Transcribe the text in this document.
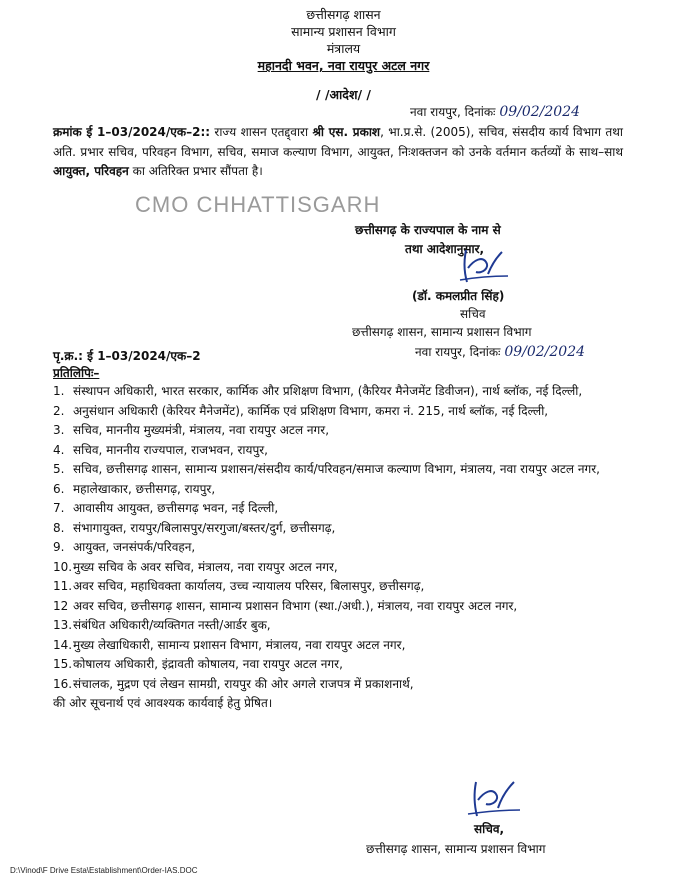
छत्तीसगढ़ शासन
सामान्य प्रशासन विभाग
मंत्रालय
महानदी भवन, नवा रायपुर अटल नगर
/ /आदेश/ /
नवा रायपुर, दिनांकः 09/02/2024
क्रमांक ई 1–03/2024/एक–2:: राज्य शासन एतद्द्वारा श्री एस. प्रकाश, भा.प्र.से. (2005), सचिव, संसदीय कार्य विभाग तथा अति. प्रभार सचिव, परिवहन विभाग, सचिव, समाज कल्याण विभाग, आयुक्त, निःशक्तजन को उनके वर्तमान कर्तव्यों के साथ–साथ आयुक्त, परिवहन का अतिरिक्त प्रभार सौंपता है।
CMO CHHATTISGARH
छत्तीसगढ़ के राज्यपाल के नाम से
तथा आदेशानुसार,
(डॉ. कमलप्रीत सिंह)
सचिव
छत्तीसगढ़ शासन, सामान्य प्रशासन विभाग
पृ.क्र.: ई 1–03/2024/एक–2	नवा रायपुर, दिनांकः 09/02/2024
प्रतिलिपिः–
1. संस्थापन अधिकारी, भारत सरकार, कार्मिक और प्रशिक्षण विभाग, (कैरियर मैनेजमेंट डिवीजन), नार्थ ब्लॉक, नई दिल्ली,
2. अनुसंधान अधिकारी (केरियर मैनेजमेंट), कार्मिक एवं प्रशिक्षण विभाग, कमरा नं. 215, नार्थ ब्लॉक, नई दिल्ली,
3. सचिव, माननीय मुख्यमंत्री, मंत्रालय, नवा रायपुर अटल नगर,
4. सचिव, माननीय राज्यपाल, राजभवन, रायपुर,
5. सचिव, छत्तीसगढ़ शासन, सामान्य प्रशासन/संसदीय कार्य/परिवहन/समाज कल्याण विभाग, मंत्रालय, नवा रायपुर अटल नगर,
6. महालेखाकार, छत्तीसगढ़, रायपुर,
7. आवासीय आयुक्त, छत्तीसगढ़ भवन, नई दिल्ली,
8. संभागायुक्त, रायपुर/बिलासपुर/सरगुजा/बस्तर/दुर्ग, छत्तीसगढ़,
9. आयुक्त, जनसंपर्क/परिवहन,
10.मुख्य सचिव के अवर सचिव, मंत्रालय, नवा रायपुर अटल नगर,
11.अवर सचिव, महाधिवक्ता कार्यालय, उच्च न्यायालय परिसर, बिलासपुर, छत्तीसगढ़,
12 अवर सचिव, छत्तीसगढ़ शासन, सामान्य प्रशासन विभाग (स्था./अधी.), मंत्रालय, नवा रायपुर अटल नगर,
13.संबंधित अधिकारी/व्यक्तिगत नस्ती/आर्डर बुक,
14.मुख्य लेखाधिकारी, सामान्य प्रशासन विभाग, मंत्रालय, नवा रायपुर अटल नगर,
15.कोषालय अधिकारी, इंद्रावती कोषालय, नवा रायपुर अटल नगर,
16.संचालक, मुद्रण एवं लेखन सामग्री, रायपुर की ओर अगले राजपत्र में प्रकाशनार्थ,
की ओर सूचनार्थ एवं आवश्यक कार्यवाई हेतु प्रेषित।
सचिव,
छत्तीसगढ़ शासन, सामान्य प्रशासन विभाग
D:\Vinod\F Drive Esta\Establishment\Order-IAS.DOC
